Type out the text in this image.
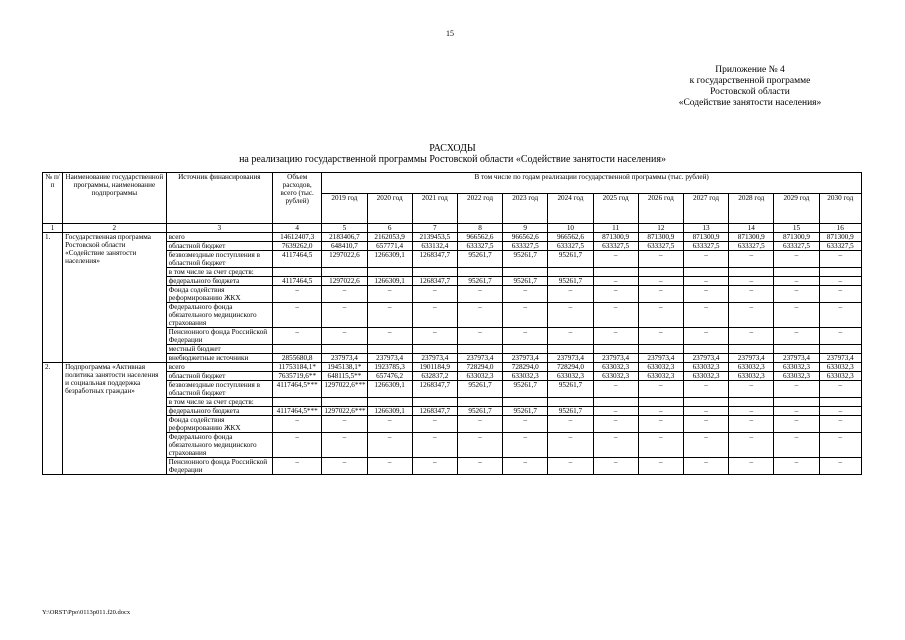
15
Приложение № 4
к государственной программе
Ростовской области
«Содействие занятости населения»
РАСХОДЫ
на реализацию государственной программы Ростовской области «Содействие занятости населения»
№ п/п	Наименование государственной программы, наименование подпрограммы	Источник финансирования	Объем расходов, всего (тыс. рублей)	В том числе по годам реализации государственной программы (тыс. рублей)											
				2019 год	2020 год	2021 год	2022 год	2023 год	2024 год	2025 год	2026 год	2027 год	2028 год	2029 год	2030 год
1	2	3	4	5	6	7	8	9	10	11	12	13	14	15	16
1.	Государственная программа Ростовской области «Содействие занятости населения»	всего	14612407,3	2183406,7	2162053,9	2139453,5	966562,6	966562,6	966562,6	871300,9	871300,9	871300,9	871300,9	871300,9	871300,9
		областной бюджет	7639262,0	648410,7	657771,4	633132,4	633327,5	633327,5	633327,5	633327,5	633327,5	633327,5	633327,5	633327,5	633327,5
		безвозмездные поступления в областной бюджет	4117464,5	1297022,6	1266309,1	1268347,7	95261,7	95261,7	95261,7	–	–	–	–	–	–
		в том числе за счет средств:													
		федерального бюджета	4117464,5	1297022,6	1266309,1	1268347,7	95261,7	95261,7	95261,7	–	–	–	–	–	–
		Фонда содействия реформированию ЖКХ	–	–	–	–	–	–	–	–	–	–	–	–	–
		Федерального фонда обязательного медицинского страхования	–	–	–	–	–	–	–	–	–	–	–	–	–
		Пенсионного фонда Российской Федерации	–	–	–	–	–	–	–	–	–	–	–	–	–
		местный бюджет													
		внебюджетные источники	2855680,8	237973,4	237973,4	237973,4	237973,4	237973,4	237973,4	237973,4	237973,4	237973,4	237973,4	237973,4	237973,4
2.	Подпрограмма «Активная политика занятости населения и социальная поддержка безработных граждан»	всего	11753184,1*	1945138,1*	1923785,3	1901184,9	728294,0	728294,0	728294,0	633032,3	633032,3	633032,3	633032,3	633032,3	633032,3
		областной бюджет	7635719,6**	648115,5**	657476,2	632837,2	633032,3	633032,3	633032,3	633032,3	633032,3	633032,3	633032,3	633032,3	633032,3
		безвозмездные поступления в областной бюджет	4117464,5***	1297022,6***	1266309,1	1268347,7	95261,7	95261,7	95261,7	–	–	–	–	–	–
		в том числе за счет средств:													
		федерального бюджета	4117464,5***	1297022,6***	1266309,1	1268347,7	95261,7	95261,7	95261,7	–	–	–	–	–	–
		Фонда содействия реформированию ЖКХ	–	–	–	–	–	–	–	–	–	–	–	–	–
		Федерального фонда обязательного медицинского страхования	–	–	–	–	–	–	–	–	–	–	–	–	–
		Пенсионного фонда Российской Федерации	–	–	–	–	–	–	–	–	–	–	–	–	–
Y:\ORST\Ppo\0113p011.f20.docx
